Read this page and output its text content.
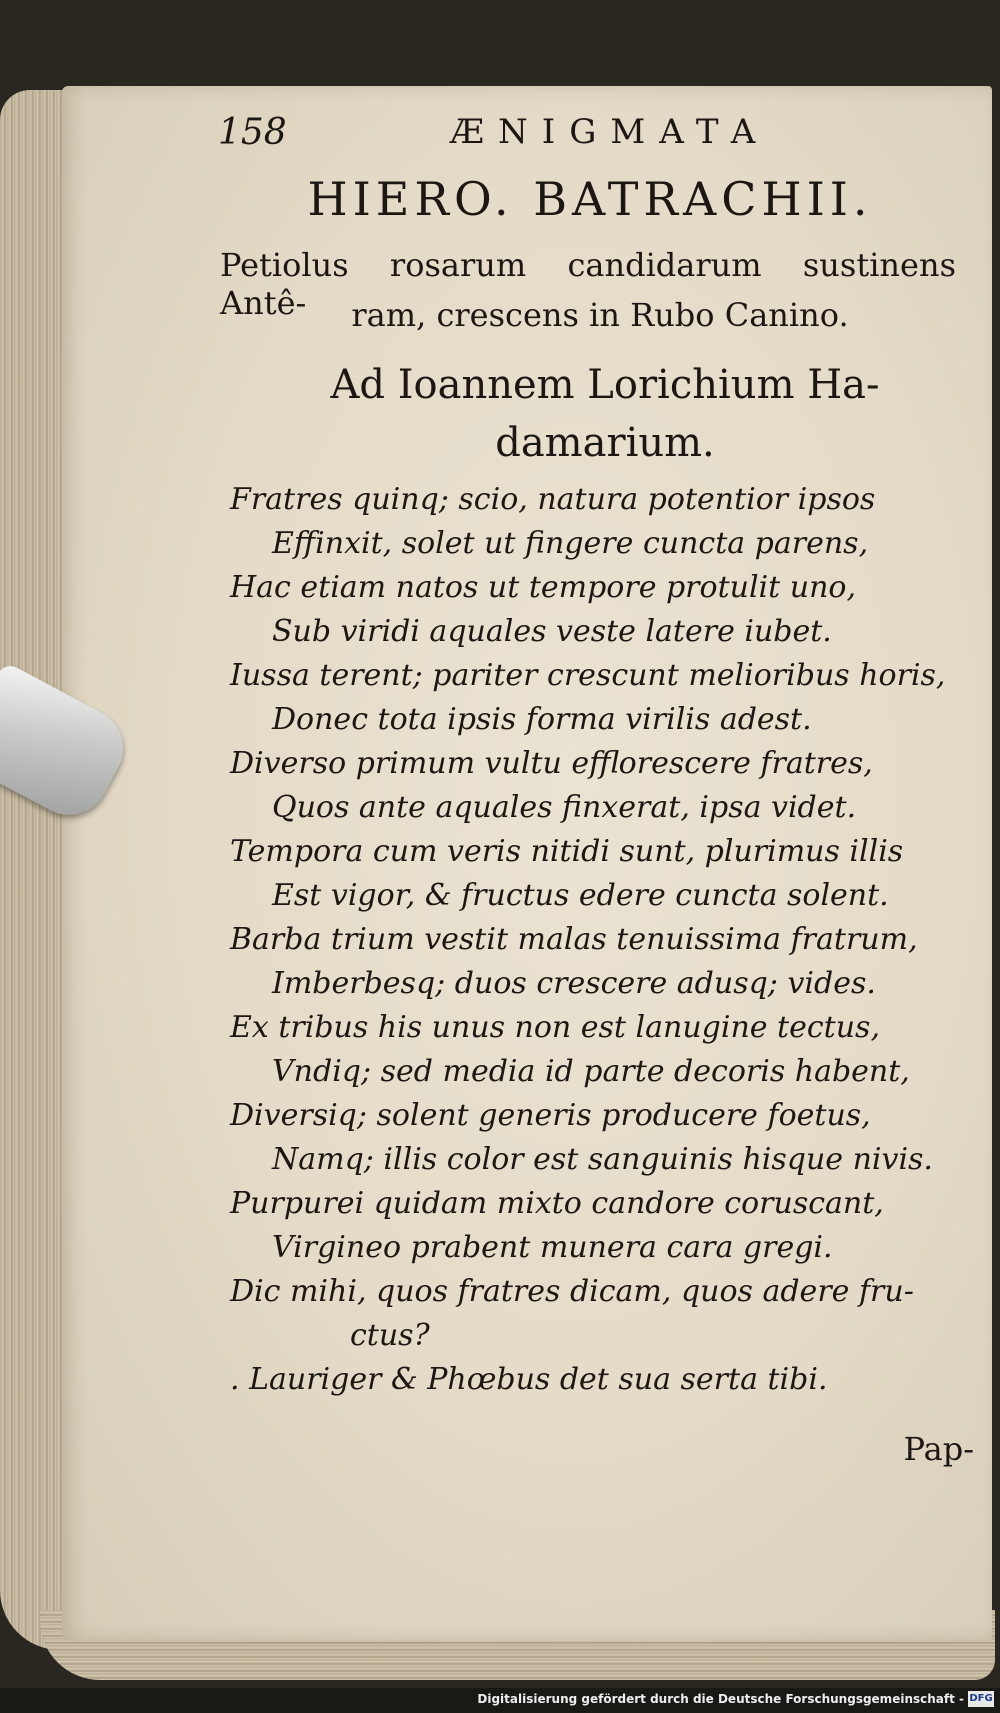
158	ÆNIGMATA
HIERO. BATRACHII.
Petiolus rosarum candidarum sustinens Antê-	ram, crescens in Rubo Canino.
Ad Ioannem Lorichium Ha-
damarium.
Fratres quinq; scio, natura potentior ipsos
Effinxit, solet ut fingere cuncta parens,
Hac etiam natos ut tempore protulit uno,
Sub viridi aquales veste latere iubet.
Iussa terent; pariter crescunt melioribus horis,
Donec tota ipsis forma virilis adest.
Diverso primum vultu efflorescere fratres,
Quos ante aquales finxerat, ipsa videt.
Tempora cum veris nitidi sunt, plurimus illis
Est vigor, & fructus edere cuncta solent.
Barba trium vestit malas tenuissima fratrum,
Imberbesq; duos crescere adusq; vides.
Ex tribus his unus non est lanugine tectus,
Vndiq; sed media id parte decoris habent,
Diversiq; solent generis producere foetus,
Namq; illis color est sanguinis hisque nivis.
Purpurei quidam mixto candore coruscant,
Virgineo prabent munera cara gregi.
Dic mihi, quos fratres dicam, quos adere fru-
ctus?
. Lauriger & Phœbus det sua serta tibi.
Pap-
Digitalisierung gefördert durch die Deutsche Forschungsgemeinschaft - DFG
